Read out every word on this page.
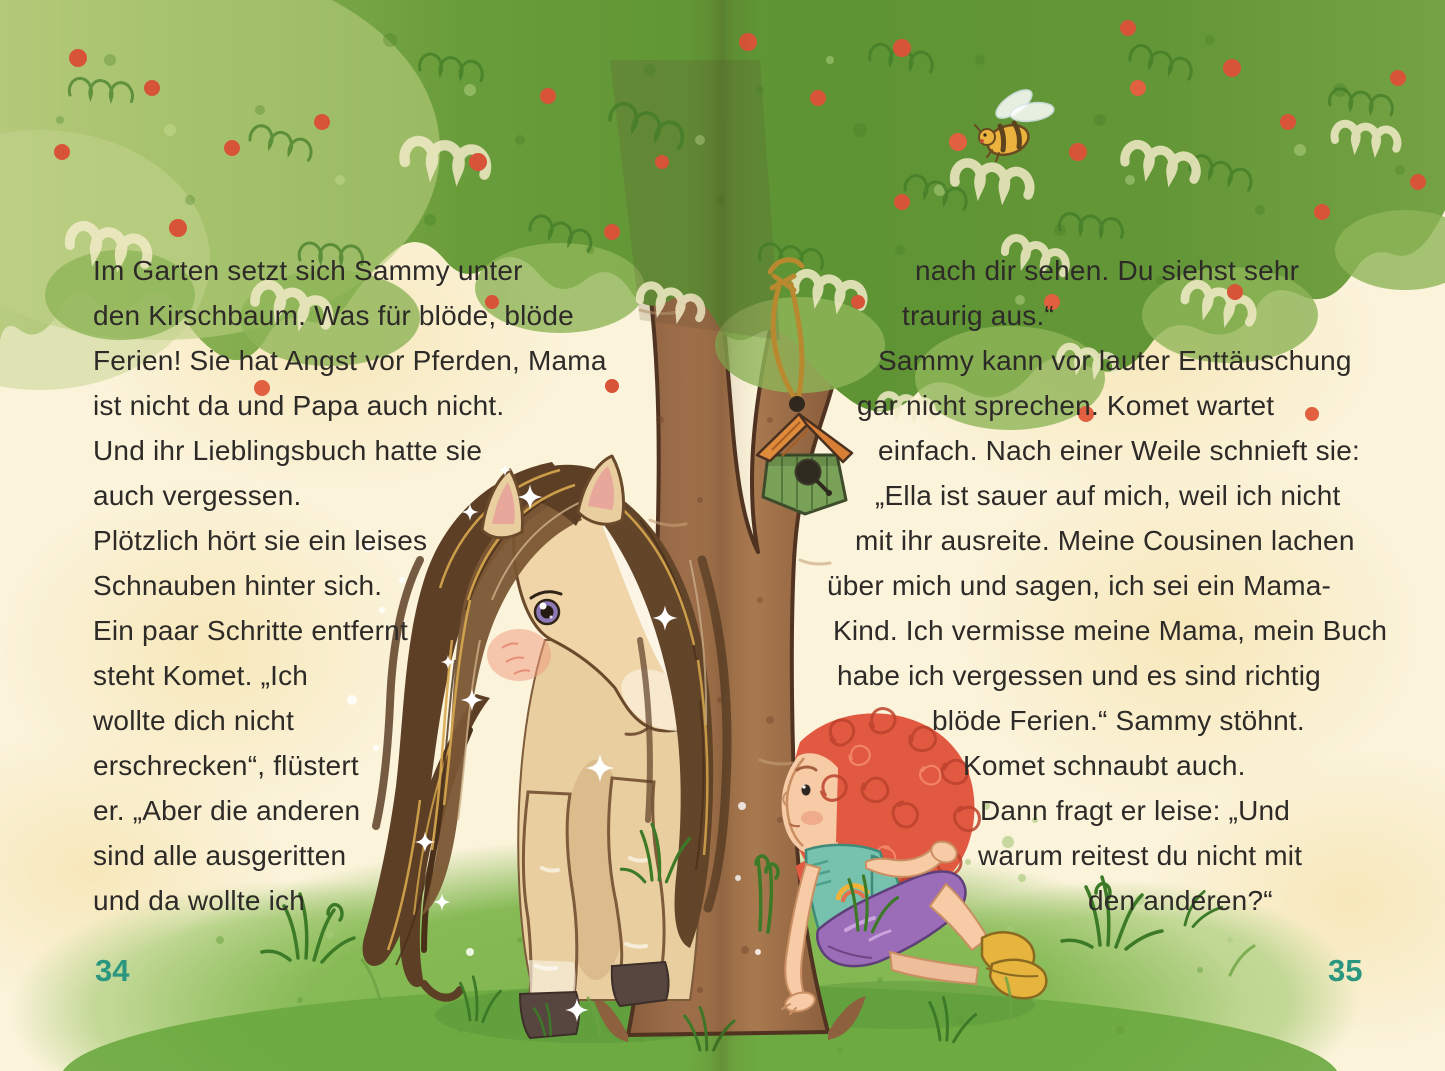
Im Garten setzt sich Sammy unter
den Kirschbaum. Was für blöde, blöde
Ferien! Sie hat Angst vor Pferden, Mama
ist nicht da und Papa auch nicht.
Und ihr Lieblingsbuch hatte sie
auch vergessen.
Plötzlich hört sie ein leises
Schnauben hinter sich.
Ein paar Schritte entfernt
steht Komet. „Ich
wollte dich nicht
erschrecken“, flüstert
er. „Aber die anderen
sind alle ausgeritten
und da wollte ich
nach dir sehen. Du siehst sehr
traurig aus.“
Sammy kann vor lauter Enttäuschung
gar nicht sprechen. Komet wartet
einfach. Nach einer Weile schnieft sie:
„Ella ist sauer auf mich, weil ich nicht
mit ihr ausreite. Meine Cousinen lachen
über mich und sagen, ich sei ein Mama-
Kind. Ich vermisse meine Mama, mein Buch
habe ich vergessen und es sind richtig
blöde Ferien.“ Sammy stöhnt.
Komet schnaubt auch.
Dann fragt er leise: „Und
warum reitest du nicht mit
den anderen?“
34	35
